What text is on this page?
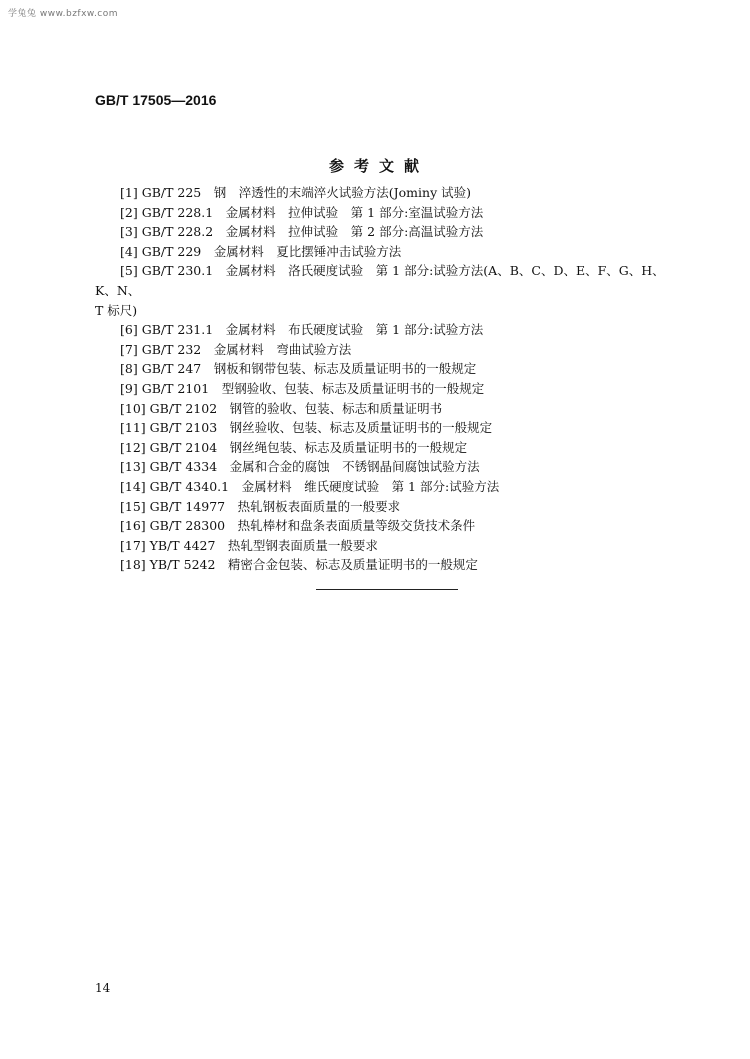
学兔兔 www.bzfxw.com
GB/T 17505—2016
参考文献
[1] GB/T 225　钢　淬透性的末端淬火试验方法(Jominy 试验)
[2] GB/T 228.1　金属材料　拉伸试验　第 1 部分:室温试验方法
[3] GB/T 228.2　金属材料　拉伸试验　第 2 部分:高温试验方法
[4] GB/T 229　金属材料　夏比摆锤冲击试验方法
[5] GB/T 230.1　金属材料　洛氏硬度试验　第 1 部分:试验方法(A、B、C、D、E、F、G、H、K、N、
T 标尺)
[6] GB/T 231.1　金属材料　布氏硬度试验　第 1 部分:试验方法
[7] GB/T 232　金属材料　弯曲试验方法
[8] GB/T 247　钢板和钢带包装、标志及质量证明书的一般规定
[9] GB/T 2101　型钢验收、包装、标志及质量证明书的一般规定
[10] GB/T 2102　钢管的验收、包装、标志和质量证明书
[11] GB/T 2103　钢丝验收、包装、标志及质量证明书的一般规定
[12] GB/T 2104　钢丝绳包装、标志及质量证明书的一般规定
[13] GB/T 4334　金属和合金的腐蚀　不锈钢晶间腐蚀试验方法
[14] GB/T 4340.1　金属材料　维氏硬度试验　第 1 部分:试验方法
[15] GB/T 14977　热轧钢板表面质量的一般要求
[16] GB/T 28300　热轧棒材和盘条表面质量等级交货技术条件
[17] YB/T 4427　热轧型钢表面质量一般要求
[18] YB/T 5242　精密合金包装、标志及质量证明书的一般规定
14
